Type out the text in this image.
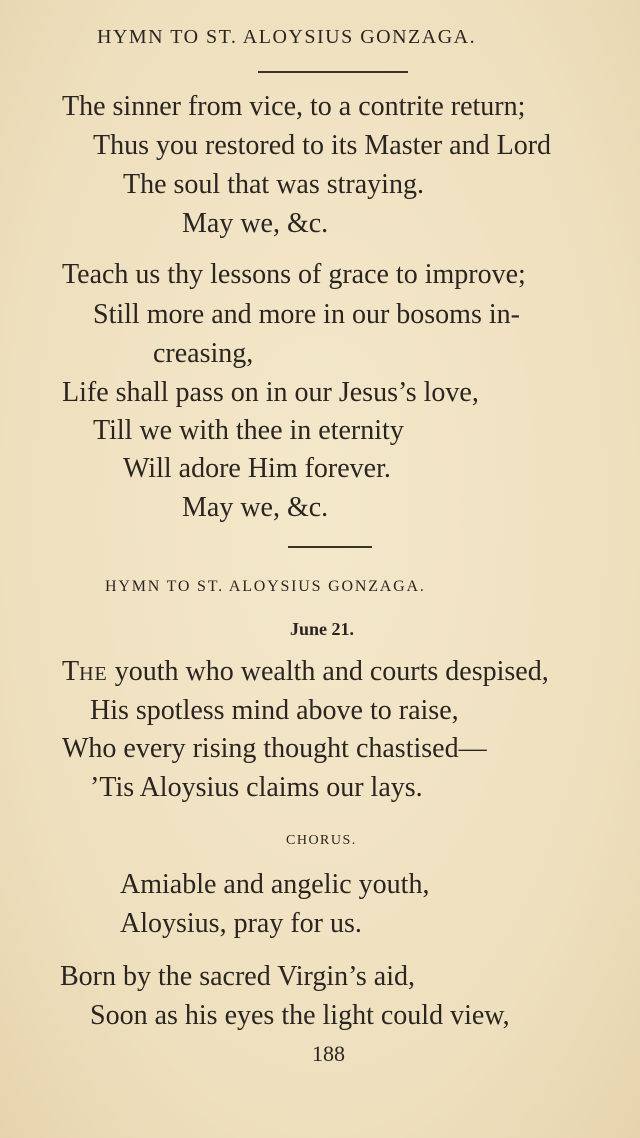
HYMN TO ST. ALOYSIUS GONZAGA.
The sinner from vice, to a contrite return;
Thus you restored to its Master and Lord
The soul that was straying.
May we, &c.
Teach us thy lessons of grace to improve;
Still more and more in our bosoms in-
creasing,
Life shall pass on in our Jesus’s love,
Till we with thee in eternity
Will adore Him forever.
May we, &c.
HYMN TO ST. ALOYSIUS GONZAGA.
June 21.
THE youth who wealth and courts despised,
His spotless mind above to raise,
Who every rising thought chastised—
’Tis Aloysius claims our lays.
CHORUS.
Amiable and angelic youth,
Aloysius, pray for us.
Born by the sacred Virgin’s aid,
Soon as his eyes the light could view,
188
